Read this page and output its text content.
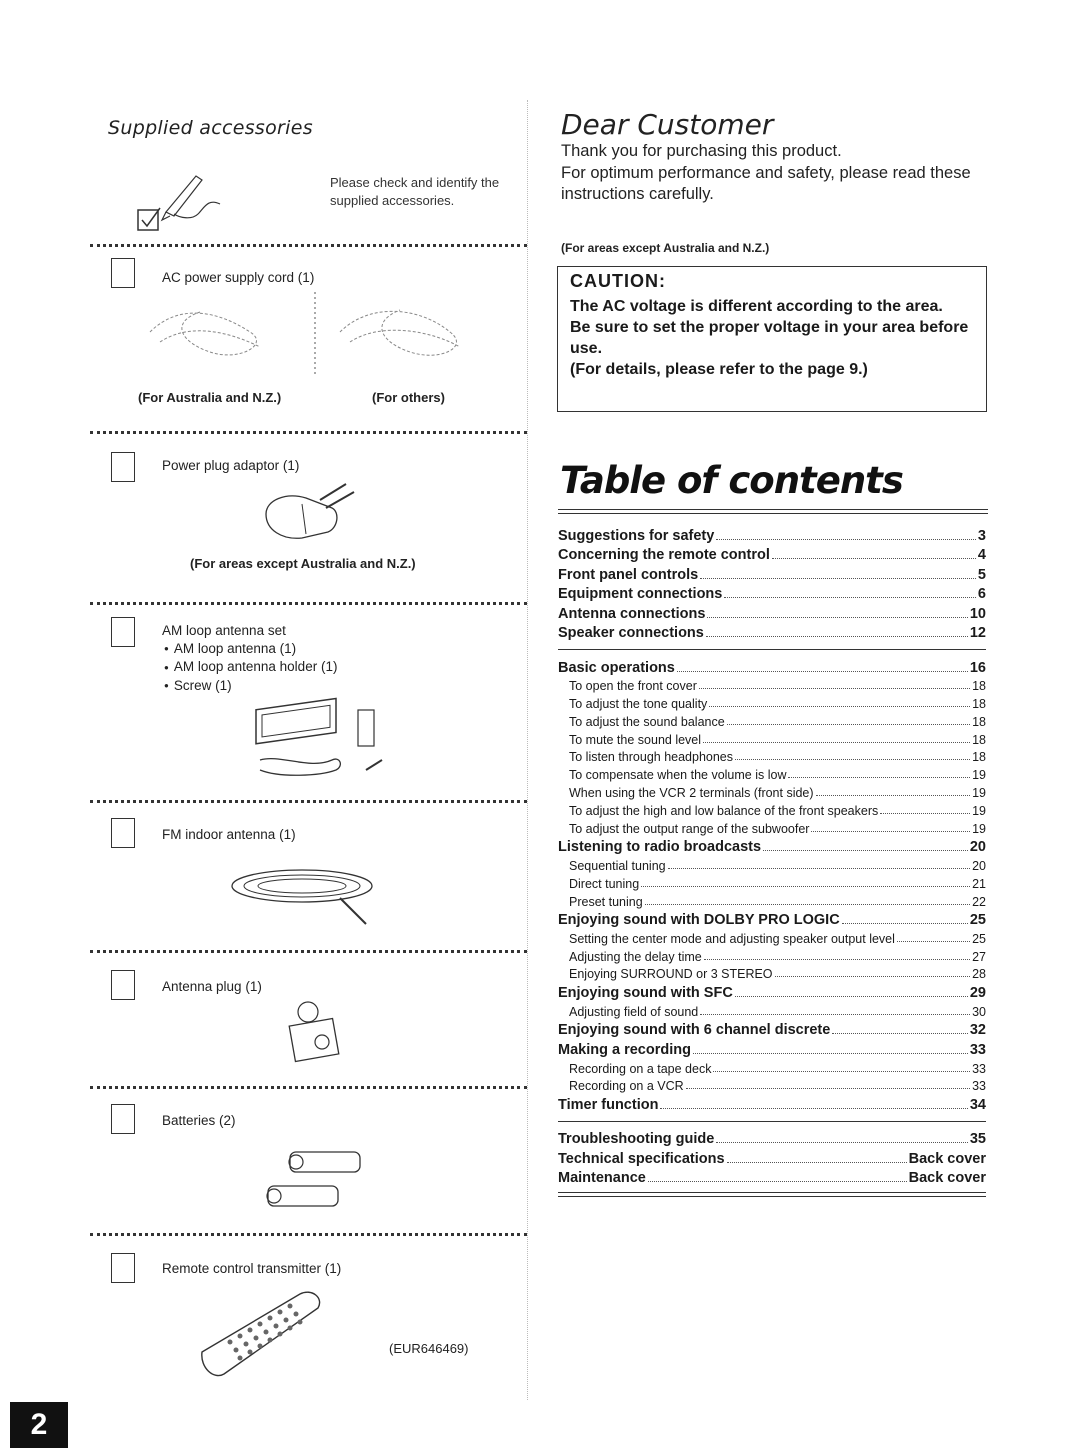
Supplied accessories
Please check and identify the supplied accessories.
AC power supply cord (1)
(For Australia and N.Z.)	(For others)
Power plug adaptor (1)
(For areas except Australia and N.Z.)
AM loop antenna set
● AM loop antenna (1)
● AM loop antenna holder (1)
● Screw (1)
FM indoor antenna (1)
Antenna plug (1)
Batteries (2)
Remote control transmitter (1)
(EUR646469)
2
Dear Customer
Thank you for purchasing this product.
For optimum performance and safety, please read these instructions carefully.
(For areas except Australia and N.Z.)

CAUTION:

The AC voltage is different according to the area.

Be sure to set the proper voltage in your area before use.

(For details, please refer to the page 9.)

Table of contents
Suggestions for safety	3
Concerning the remote control	4
Front panel controls	5
Equipment connections	6
Antenna connections	10
Speaker connections	12
Basic operations	16
To open the front cover	18
To adjust the tone quality	18
To adjust the sound balance	18
To mute the sound level	18
To listen through headphones	18
To compensate when the volume is low	19
When using the VCR 2 terminals (front side)	19
To adjust the high and low balance of the front speakers	19
To adjust the output range of the subwoofer	19
Listening to radio broadcasts	20
Sequential tuning	20
Direct tuning	21
Preset tuning	22
Enjoying sound with DOLBY PRO LOGIC	25
Setting the center mode and adjusting speaker output level	25
Adjusting the delay time	27
Enjoying SURROUND or 3 STEREO	28
Enjoying sound with SFC	29
Adjusting field of sound	30
Enjoying sound with 6 channel discrete	32
Making a recording	33
Recording on a tape deck	33
Recording on a VCR	33
Timer function	34
Troubleshooting guide	35
Technical specifications	Back cover
Maintenance	Back cover
